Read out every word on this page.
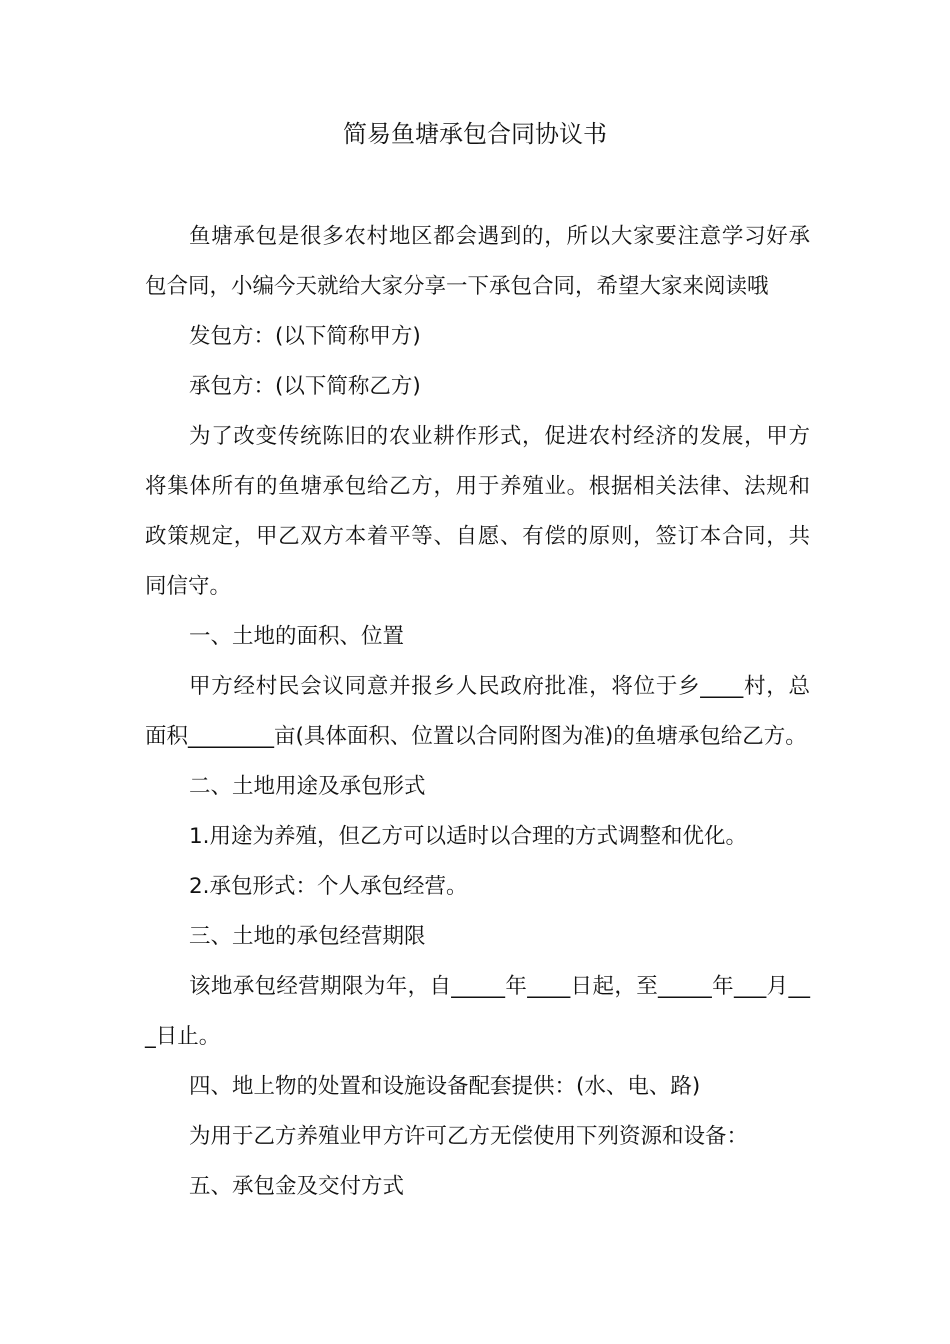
简易鱼塘承包合同协议书

鱼塘承包是很多农村地区都会遇到的，所以大家要注意学习好承包合同，小编今天就给大家分享一下承包合同，希望大家来阅读哦

发包方：(以下简称甲方)

承包方：(以下简称乙方)

为了改变传统陈旧的农业耕作形式，促进农村经济的发展，甲方将集体所有的鱼塘承包给乙方，用于养殖业。根据相关法律、法规和政策规定，甲乙双方本着平等、自愿、有偿的原则，签订本合同，共同信守。

一、土地的面积、位置

甲方经村民会议同意并报乡人民政府批准，将位于乡____村，总面积________亩(具体面积、位置以合同附图为准)的鱼塘承包给乙方。

二、土地用途及承包形式

1.用途为养殖，但乙方可以适时以合理的方式调整和优化。

2.承包形式：个人承包经营。

三、土地的承包经营期限

该地承包经营期限为年，自_____年____日起，至_____年___月___日止。

四、地上物的处置和设施设备配套提供：(水、电、路)

为用于乙方养殖业甲方许可乙方无偿使用下列资源和设备：

五、承包金及交付方式
